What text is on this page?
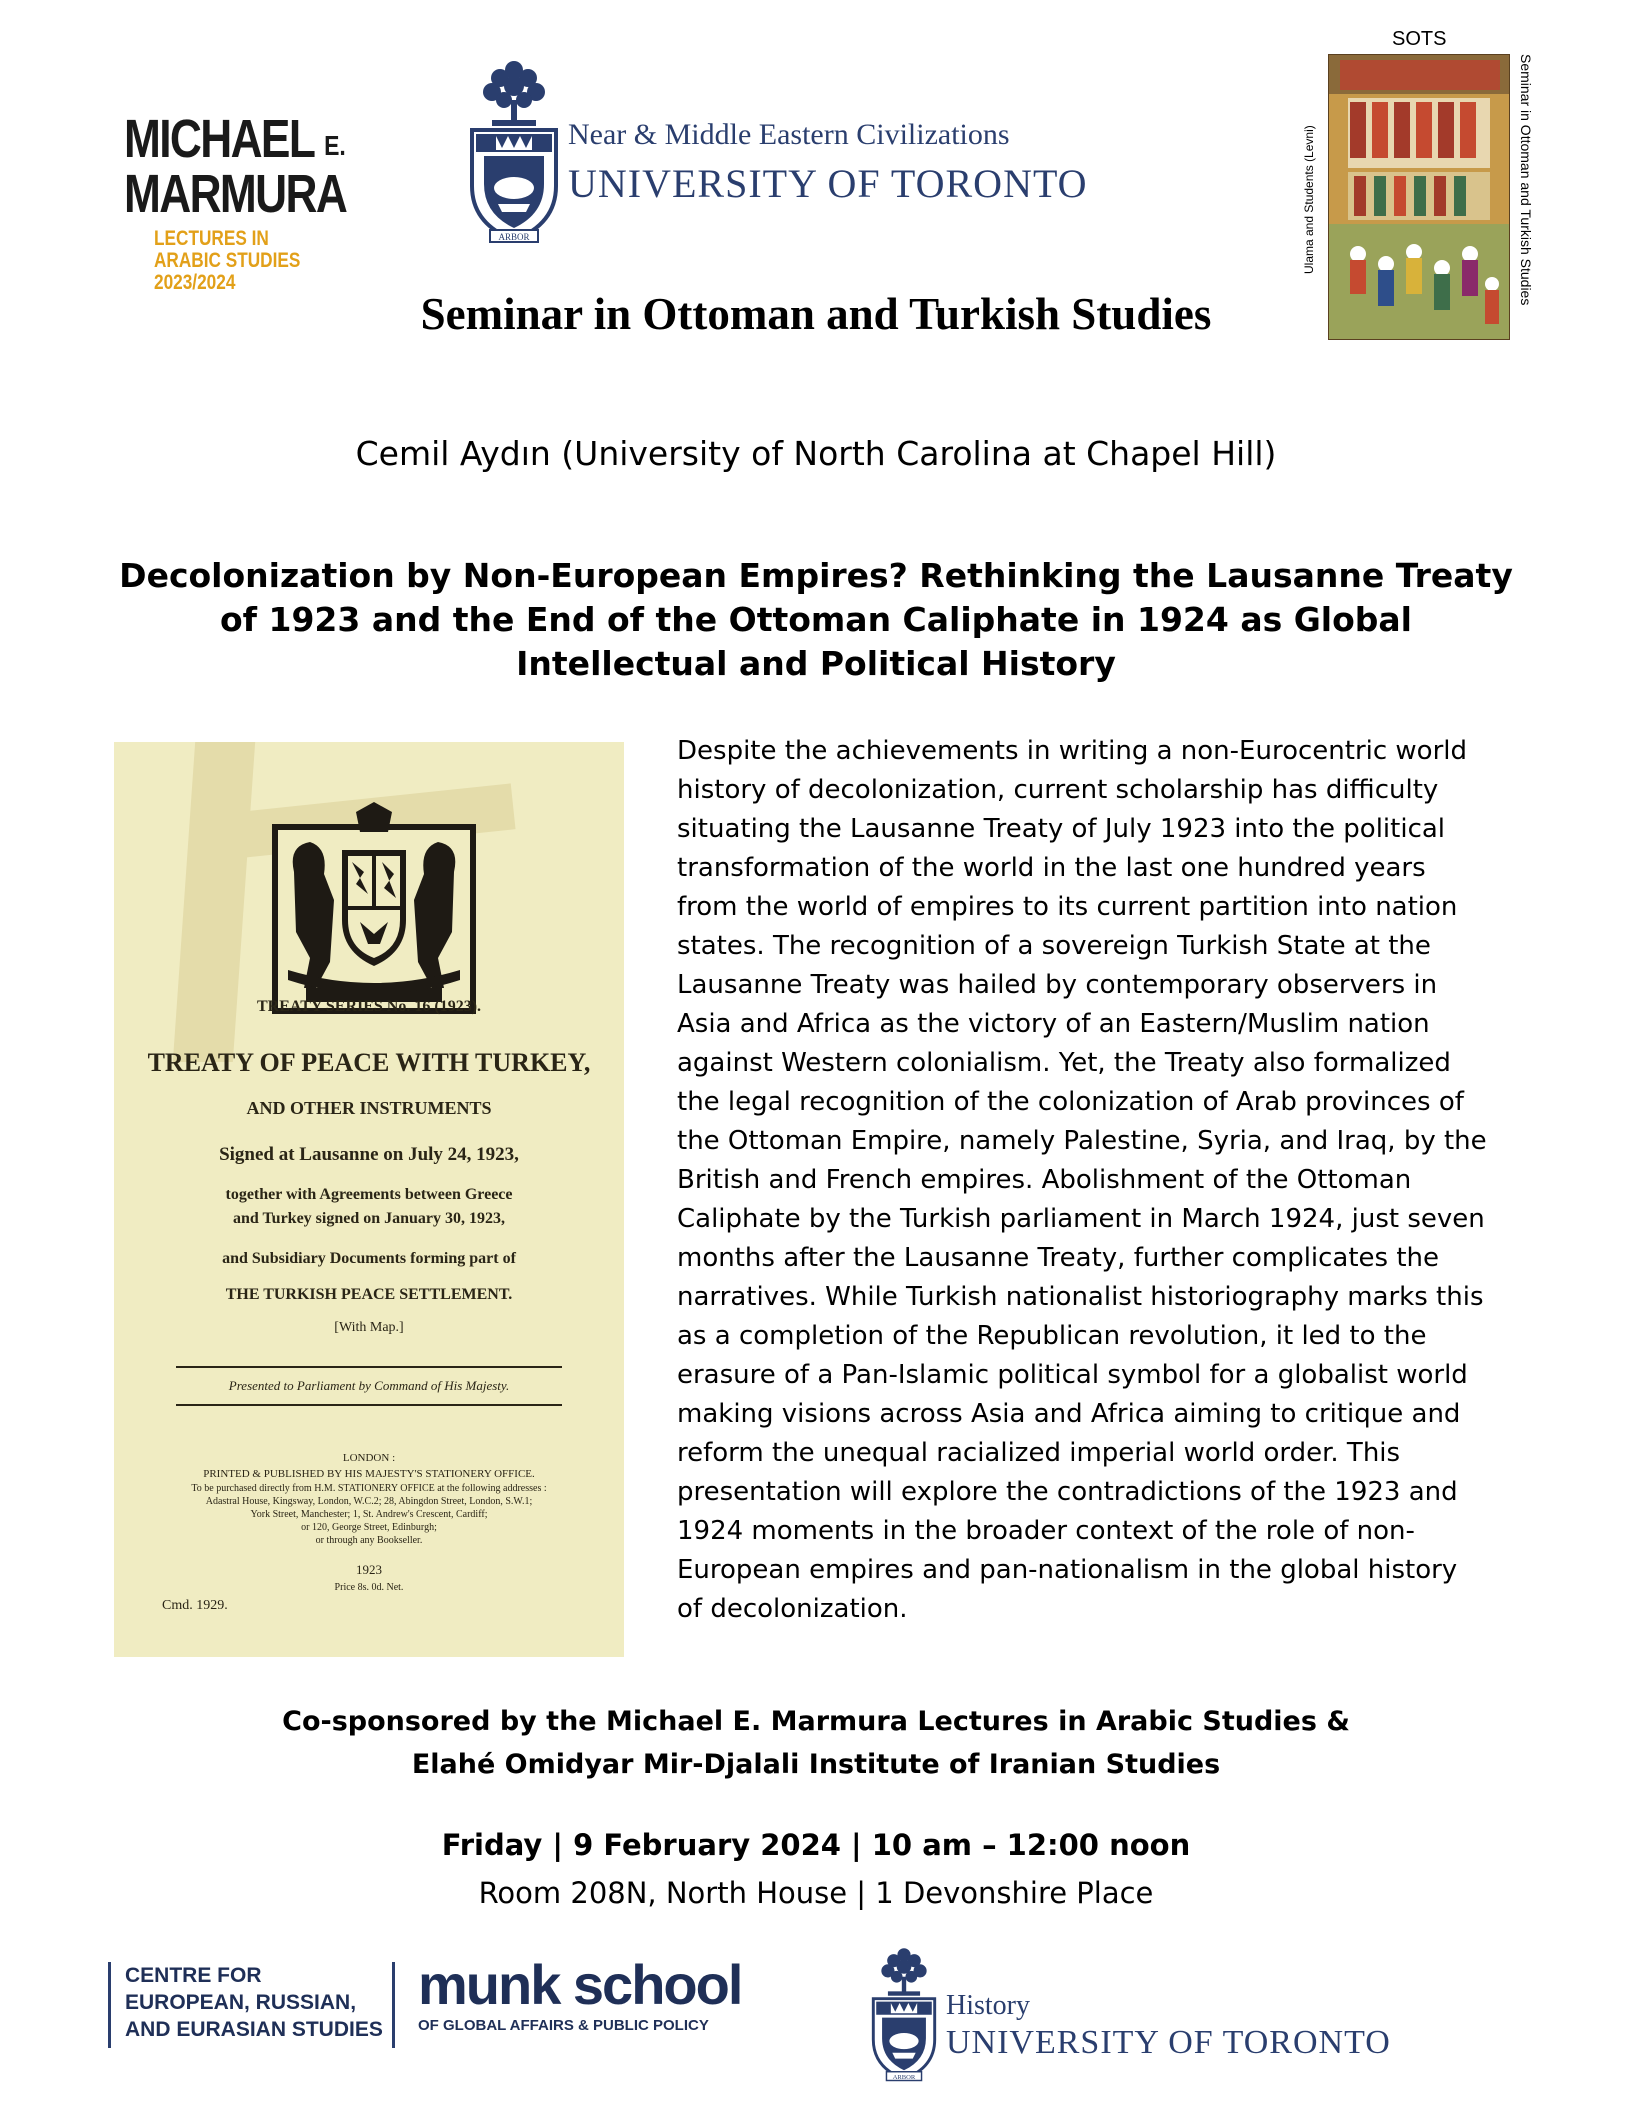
MICHAEL $^{E.}$
MARMURA
LECTURES IN
ARABIC STUDIES
2023/2024
ARBOR
Near & Middle Eastern Civilizations
UNIVERSITY OF TORONTO
SOTS
Seminar in Ottoman and Turkish Studies
Ulama and Students (Levni)
Seminar in Ottoman and Turkish Studies
Cemil Aydın (University of North Carolina at Chapel Hill)
Decolonization by Non-European Empires? Rethinking the Lausanne Treaty of 1923 and the End of the Ottoman Caliphate in 1924 as Global Intellectual and Political History
TREATY SERIES No. 16 (1923).
TREATY OF PEACE WITH TURKEY,
AND OTHER INSTRUMENTS
Signed at Lausanne on July 24, 1923,
together with Agreements between Greece
and Turkey signed on January 30, 1923,
and Subsidiary Documents forming part of
THE TURKISH PEACE SETTLEMENT.
[With Map.]
Presented to Parliament by Command of His Majesty.
LONDON :
PRINTED & PUBLISHED BY HIS MAJESTY'S STATIONERY OFFICE.
To be purchased directly from H.M. STATIONERY OFFICE at the following addresses :
Adastral House, Kingsway, London, W.C.2; 28, Abingdon Street, London, S.W.1;
York Street, Manchester; 1, St. Andrew's Crescent, Cardiff;
or 120, George Street, Edinburgh;
or through any Bookseller.
1923
Price 8s. 0d. Net.
Cmd. 1929.
Despite the achievements in writing a non-Eurocentric world history of decolonization, current scholarship has difficulty situating the Lausanne Treaty of July 1923 into the political transformation of the world in the last one hundred years from the world of empires to its current partition into nation states. The recognition of a sovereign Turkish State at the Lausanne Treaty was hailed by contemporary observers in Asia and Africa as the victory of an Eastern/Muslim nation against Western colonialism. Yet, the Treaty also formalized the legal recognition of the colonization of Arab provinces of the Ottoman Empire, namely Palestine, Syria, and Iraq, by the British and French empires. Abolishment of the Ottoman Caliphate by the Turkish parliament in March 1924, just seven months after the Lausanne Treaty, further complicates the narratives. While Turkish nationalist historiography marks this as a completion of the Republican revolution, it led to the erasure of a Pan-Islamic political symbol for a globalist world making visions across Asia and Africa aiming to critique and reform the unequal racialized imperial world order. This presentation will explore the contradictions of the 1923 and 1924 moments in the broader context of the role of non-European empires and pan-nationalism in the global history of decolonization.
Co-sponsored by the Michael E. Marmura Lectures in Arabic Studies &
Elahé Omidyar Mir-Djalali Institute of Iranian Studies
Friday | 9 February 2024 | 10 am – 12:00 noon
Room 208N, North House | 1 Devonshire Place
CENTRE FOR
EUROPEAN, RUSSIAN,
AND EURASIAN STUDIES
munk school
OF GLOBAL AFFAIRS & PUBLIC POLICY
ARBOR
History
UNIVERSITY OF TORONTO
